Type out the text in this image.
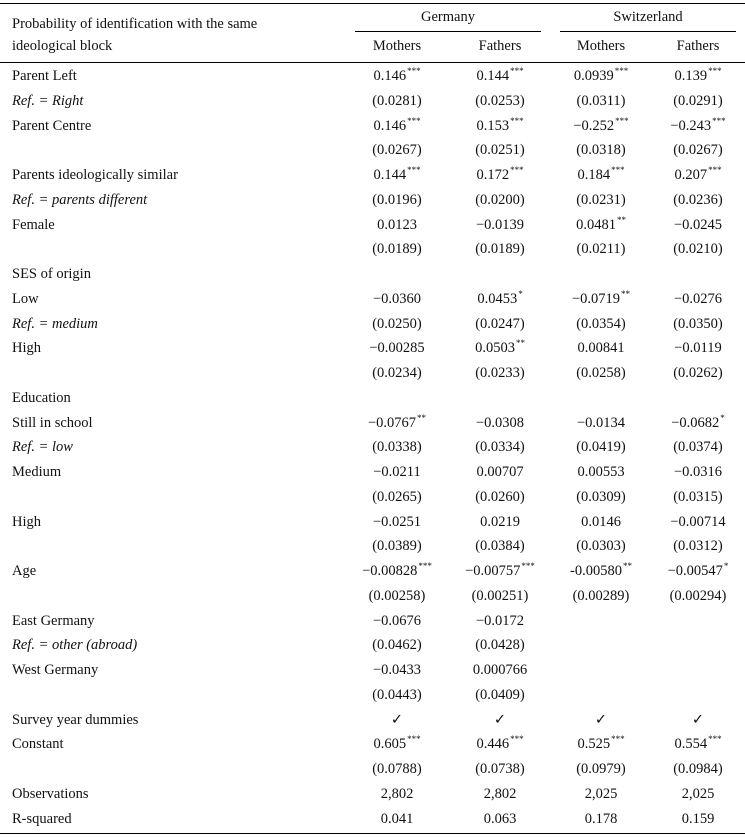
Probability of identification with the same
ideological block
Germany	Switzerland
Mothers	Fathers	Mothers	Fathers
Parent Left	0.146***	0.144***	0.0939***	0.139***
Ref. = Right	(0.0281)	(0.0253)	(0.0311)	(0.0291)
Parent Centre	0.146***	0.153***	−0.252***	−0.243***
(0.0267)	(0.0251)	(0.0318)	(0.0267)
Parents ideologically similar	0.144***	0.172***	0.184***	0.207***
Ref. = parents different	(0.0196)	(0.0200)	(0.0231)	(0.0236)
Female	0.0123	−0.0139	0.0481**	−0.0245
(0.0189)	(0.0189)	(0.0211)	(0.0210)
SES of origin
Low	−0.0360	0.0453*	−0.0719**	−0.0276
Ref. = medium	(0.0250)	(0.0247)	(0.0354)	(0.0350)
High	−0.00285	0.0503**	0.00841	−0.0119
(0.0234)	(0.0233)	(0.0258)	(0.0262)
Education
Still in school	−0.0767**	−0.0308	−0.0134	−0.0682*
Ref. = low	(0.0338)	(0.0334)	(0.0419)	(0.0374)
Medium	−0.0211	0.00707	0.00553	−0.0316
(0.0265)	(0.0260)	(0.0309)	(0.0315)
High	−0.0251	0.0219	0.0146	−0.00714
(0.0389)	(0.0384)	(0.0303)	(0.0312)
Age	−0.00828*** −0.00757*** -0.00580** −0.00547*
(0.00258)	(0.00251)	(0.00289)	(0.00294)
East Germany	−0.0676	−0.0172
Ref. = other (abroad)	(0.0462)	(0.0428)
West Germany	−0.0433	0.000766
(0.0443)	(0.0409)
Survey year dummies	✓	✓	✓	✓
Constant	0.605***	0.446***	0.525***	0.554***
(0.0788)	(0.0738)	(0.0979)	(0.0984)
Observations	2,802	2,802	2,025	2,025
R-squared	0.041	0.063	0.178	0.159
